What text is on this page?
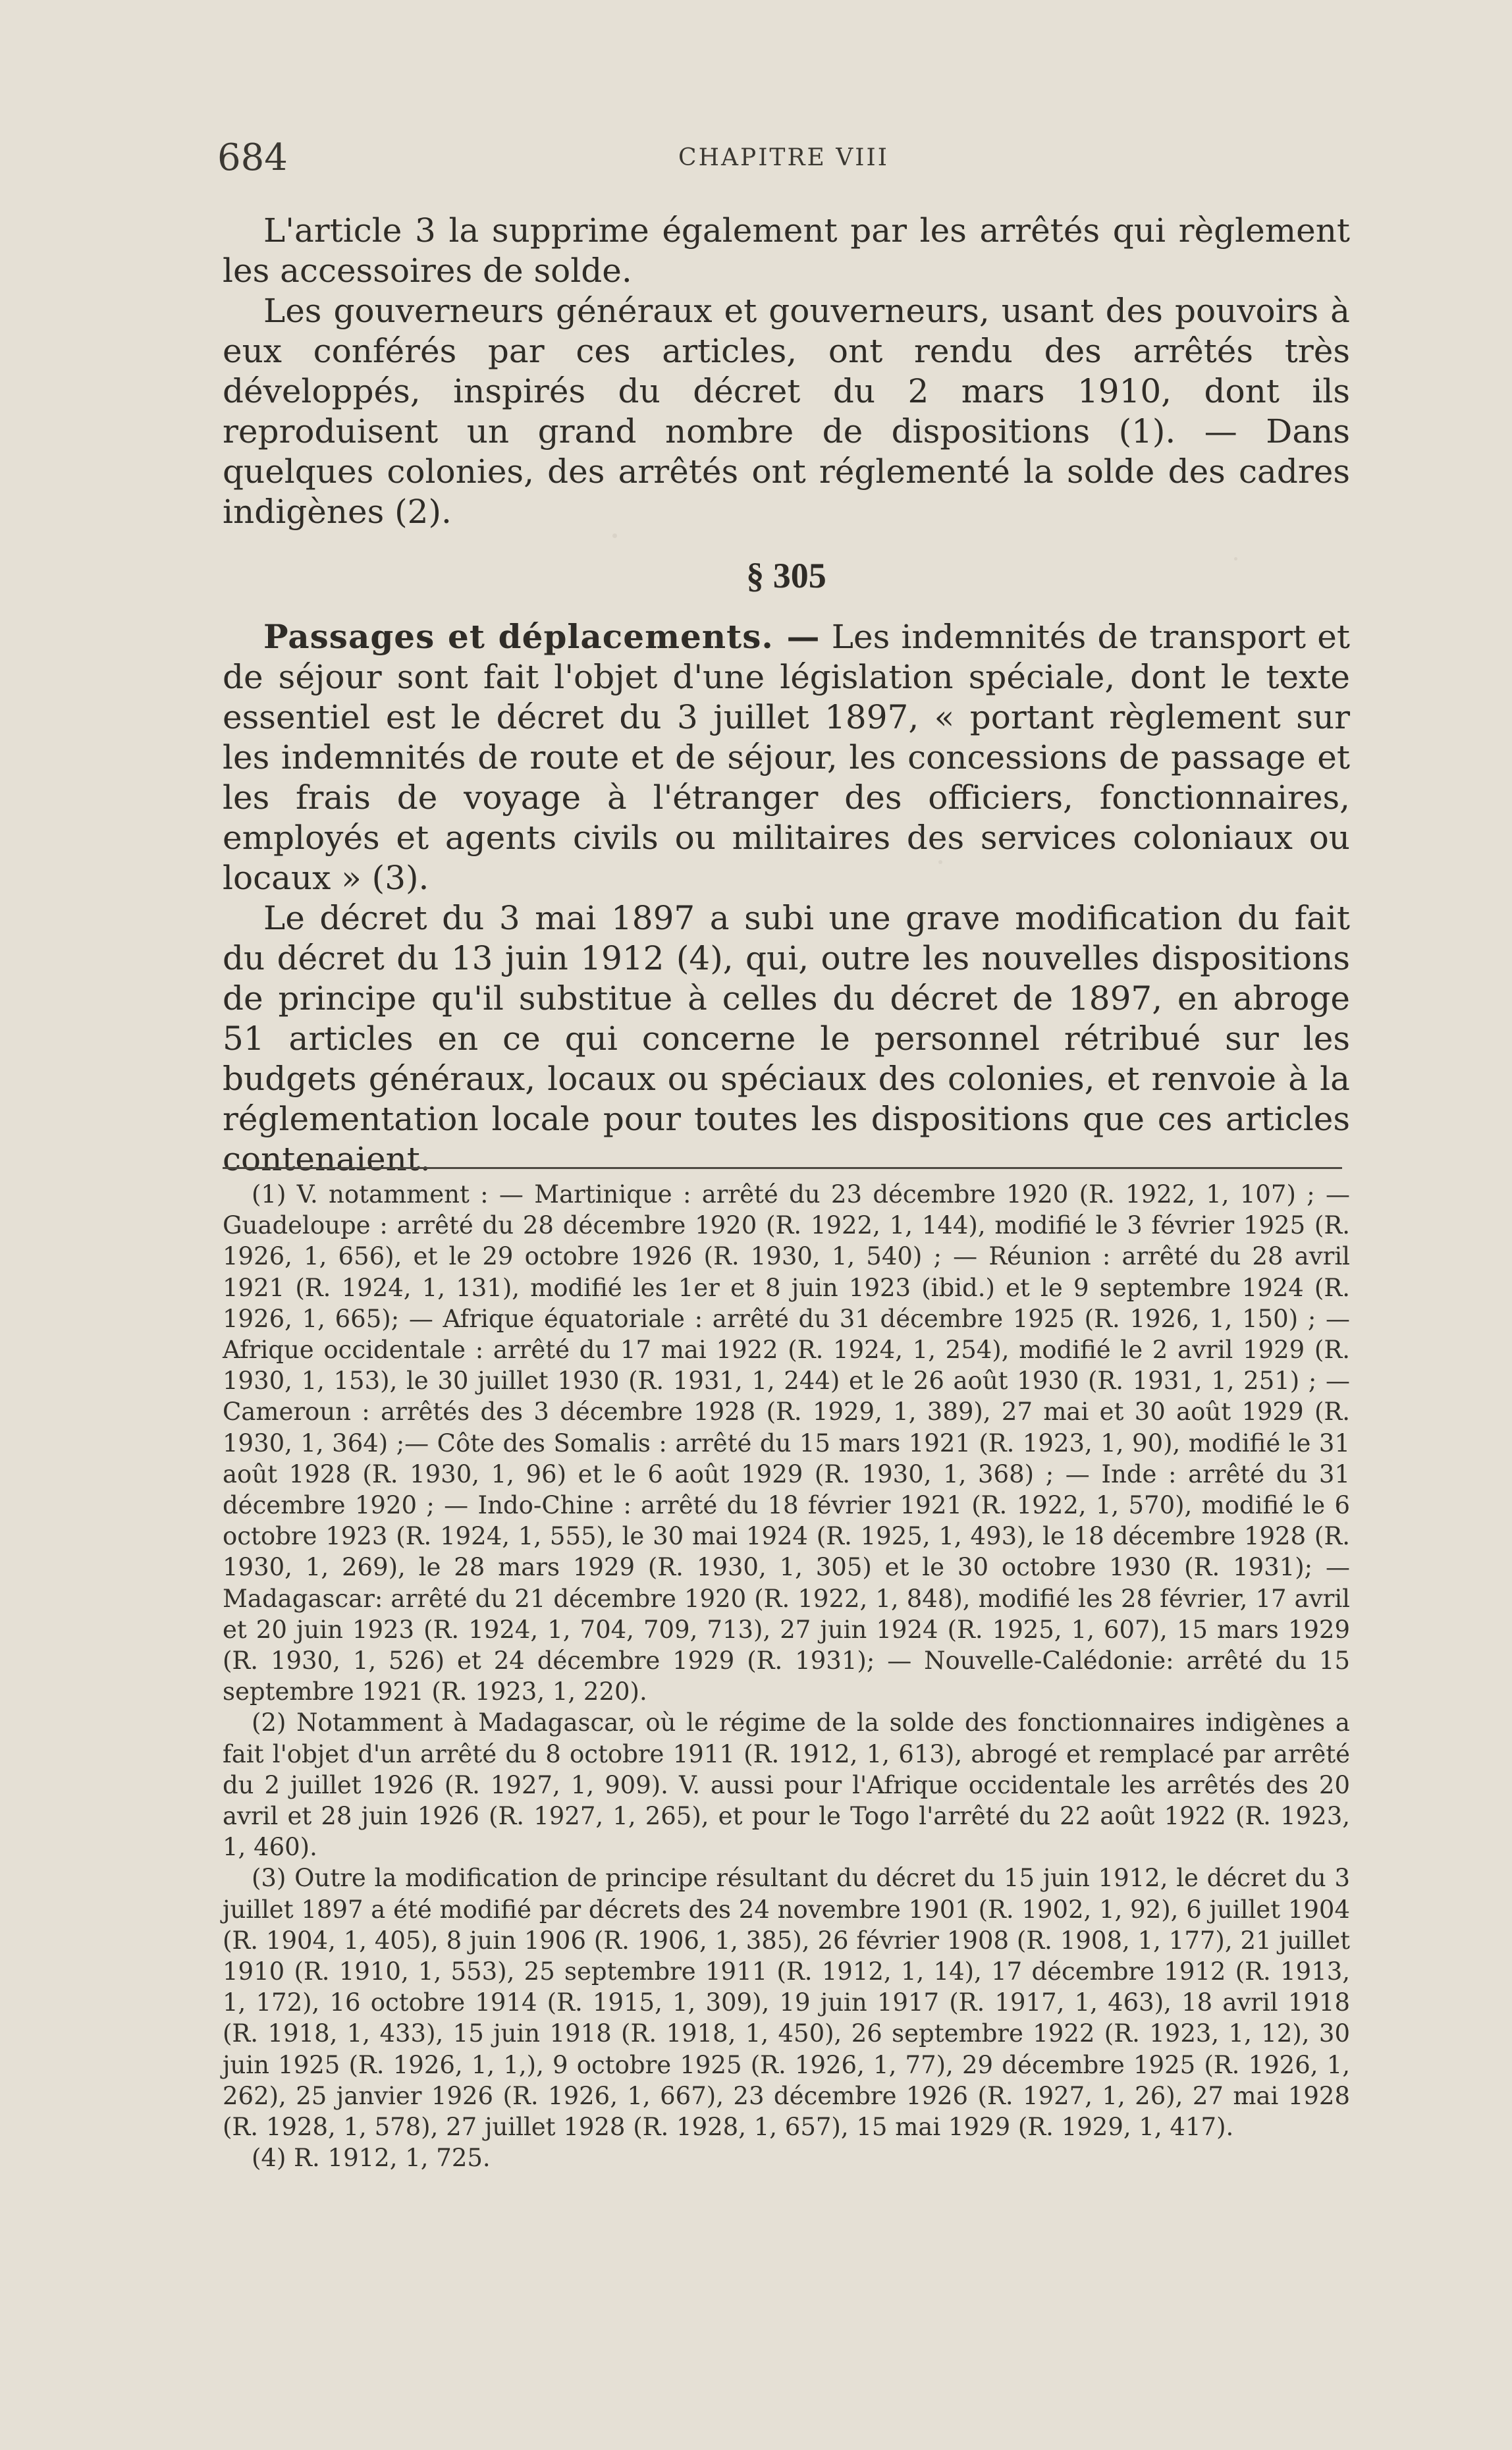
684	CHAPITRE VIII

L'article 3 la supprime également par les arrêtés qui règlement les accessoires de solde.

Les gouverneurs généraux et gouverneurs, usant des pouvoirs à eux conférés par ces articles, ont rendu des arrêtés très développés, inspirés du décret du 2 mars 1910, dont ils reproduisent un grand nombre de dispositions (1). — Dans quelques colonies, des arrêtés ont réglementé la solde des cadres indigènes (2).

§ 305

Passages et déplacements. — Les indemnités de transport et de séjour sont fait l'objet d'une législation spéciale, dont le texte essentiel est le décret du 3 juillet 1897, « portant règlement sur les indemnités de route et de séjour, les concessions de passage et les frais de voyage à l'étranger des officiers, fonctionnaires, employés et agents civils ou militaires des services coloniaux ou locaux » (3).

Le décret du 3 mai 1897 a subi une grave modification du fait du décret du 13 juin 1912 (4), qui, outre les nouvelles dispositions de principe qu'il substitue à celles du décret de 1897, en abroge 51 articles en ce qui concerne le personnel rétribué sur les budgets généraux, locaux ou spéciaux des colonies, et renvoie à la réglementation locale pour toutes les dispositions que ces articles contenaient.

(1) V. notamment : — Martinique : arrêté du 23 décembre 1920 (R. 1922, 1, 107) ; — Guadeloupe : arrêté du 28 décembre 1920 (R. 1922, 1, 144), modifié le 3 février 1925 (R. 1926, 1, 656), et le 29 octobre 1926 (R. 1930, 1, 540) ; — Réunion : arrêté du 28 avril 1921 (R. 1924, 1, 131), modifié les 1er et 8 juin 1923 (ibid.) et le 9 septembre 1924 (R. 1926, 1, 665); — Afrique équatoriale : arrêté du 31 décembre 1925 (R. 1926, 1, 150) ; — Afrique occidentale : arrêté du 17 mai 1922 (R. 1924, 1, 254), modifié le 2 avril 1929 (R. 1930, 1, 153), le 30 juillet 1930 (R. 1931, 1, 244) et le 26 août 1930 (R. 1931, 1, 251) ; — Cameroun : arrêtés des 3 décembre 1928 (R. 1929, 1, 389), 27 mai et 30 août 1929 (R. 1930, 1, 364) ;— Côte des Somalis : arrêté du 15 mars 1921 (R. 1923, 1, 90), modifié le 31 août 1928 (R. 1930, 1, 96) et le 6 août 1929 (R. 1930, 1, 368) ; — Inde : arrêté du 31 décembre 1920 ; — Indo-Chine : arrêté du 18 février 1921 (R. 1922, 1, 570), modifié le 6 octobre 1923 (R. 1924, 1, 555), le 30 mai 1924 (R. 1925, 1, 493), le 18 décembre 1928 (R. 1930, 1, 269), le 28 mars 1929 (R. 1930, 1, 305) et le 30 octobre 1930 (R. 1931); — Madagascar: arrêté du 21 décembre 1920 (R. 1922, 1, 848), modifié les 28 février, 17 avril et 20 juin 1923 (R. 1924, 1, 704, 709, 713), 27 juin 1924 (R. 1925, 1, 607), 15 mars 1929 (R. 1930, 1, 526) et 24 décembre 1929 (R. 1931); — Nouvelle-Calédonie: arrêté du 15 septembre 1921 (R. 1923, 1, 220).

(2) Notamment à Madagascar, où le régime de la solde des fonctionnaires indigènes a fait l'objet d'un arrêté du 8 octobre 1911 (R. 1912, 1, 613), abrogé et remplacé par arrêté du 2 juillet 1926 (R. 1927, 1, 909). V. aussi pour l'Afrique occidentale les arrêtés des 20 avril et 28 juin 1926 (R. 1927, 1, 265), et pour le Togo l'arrêté du 22 août 1922 (R. 1923, 1, 460).

(3) Outre la modification de principe résultant du décret du 15 juin 1912, le décret du 3 juillet 1897 a été modifié par décrets des 24 novembre 1901 (R. 1902, 1, 92), 6 juillet 1904 (R. 1904, 1, 405), 8 juin 1906 (R. 1906, 1, 385), 26 février 1908 (R. 1908, 1, 177), 21 juillet 1910 (R. 1910, 1, 553), 25 septembre 1911 (R. 1912, 1, 14), 17 décembre 1912 (R. 1913, 1, 172), 16 octobre 1914 (R. 1915, 1, 309), 19 juin 1917 (R. 1917, 1, 463), 18 avril 1918 (R. 1918, 1, 433), 15 juin 1918 (R. 1918, 1, 450), 26 septembre 1922 (R. 1923, 1, 12), 30 juin 1925 (R. 1926, 1, 1,), 9 octobre 1925 (R. 1926, 1, 77), 29 décembre 1925 (R. 1926, 1, 262), 25 janvier 1926 (R. 1926, 1, 667), 23 décembre 1926 (R. 1927, 1, 26), 27 mai 1928 (R. 1928, 1, 578), 27 juillet 1928 (R. 1928, 1, 657), 15 mai 1929 (R. 1929, 1, 417).

(4) R. 1912, 1, 725.
